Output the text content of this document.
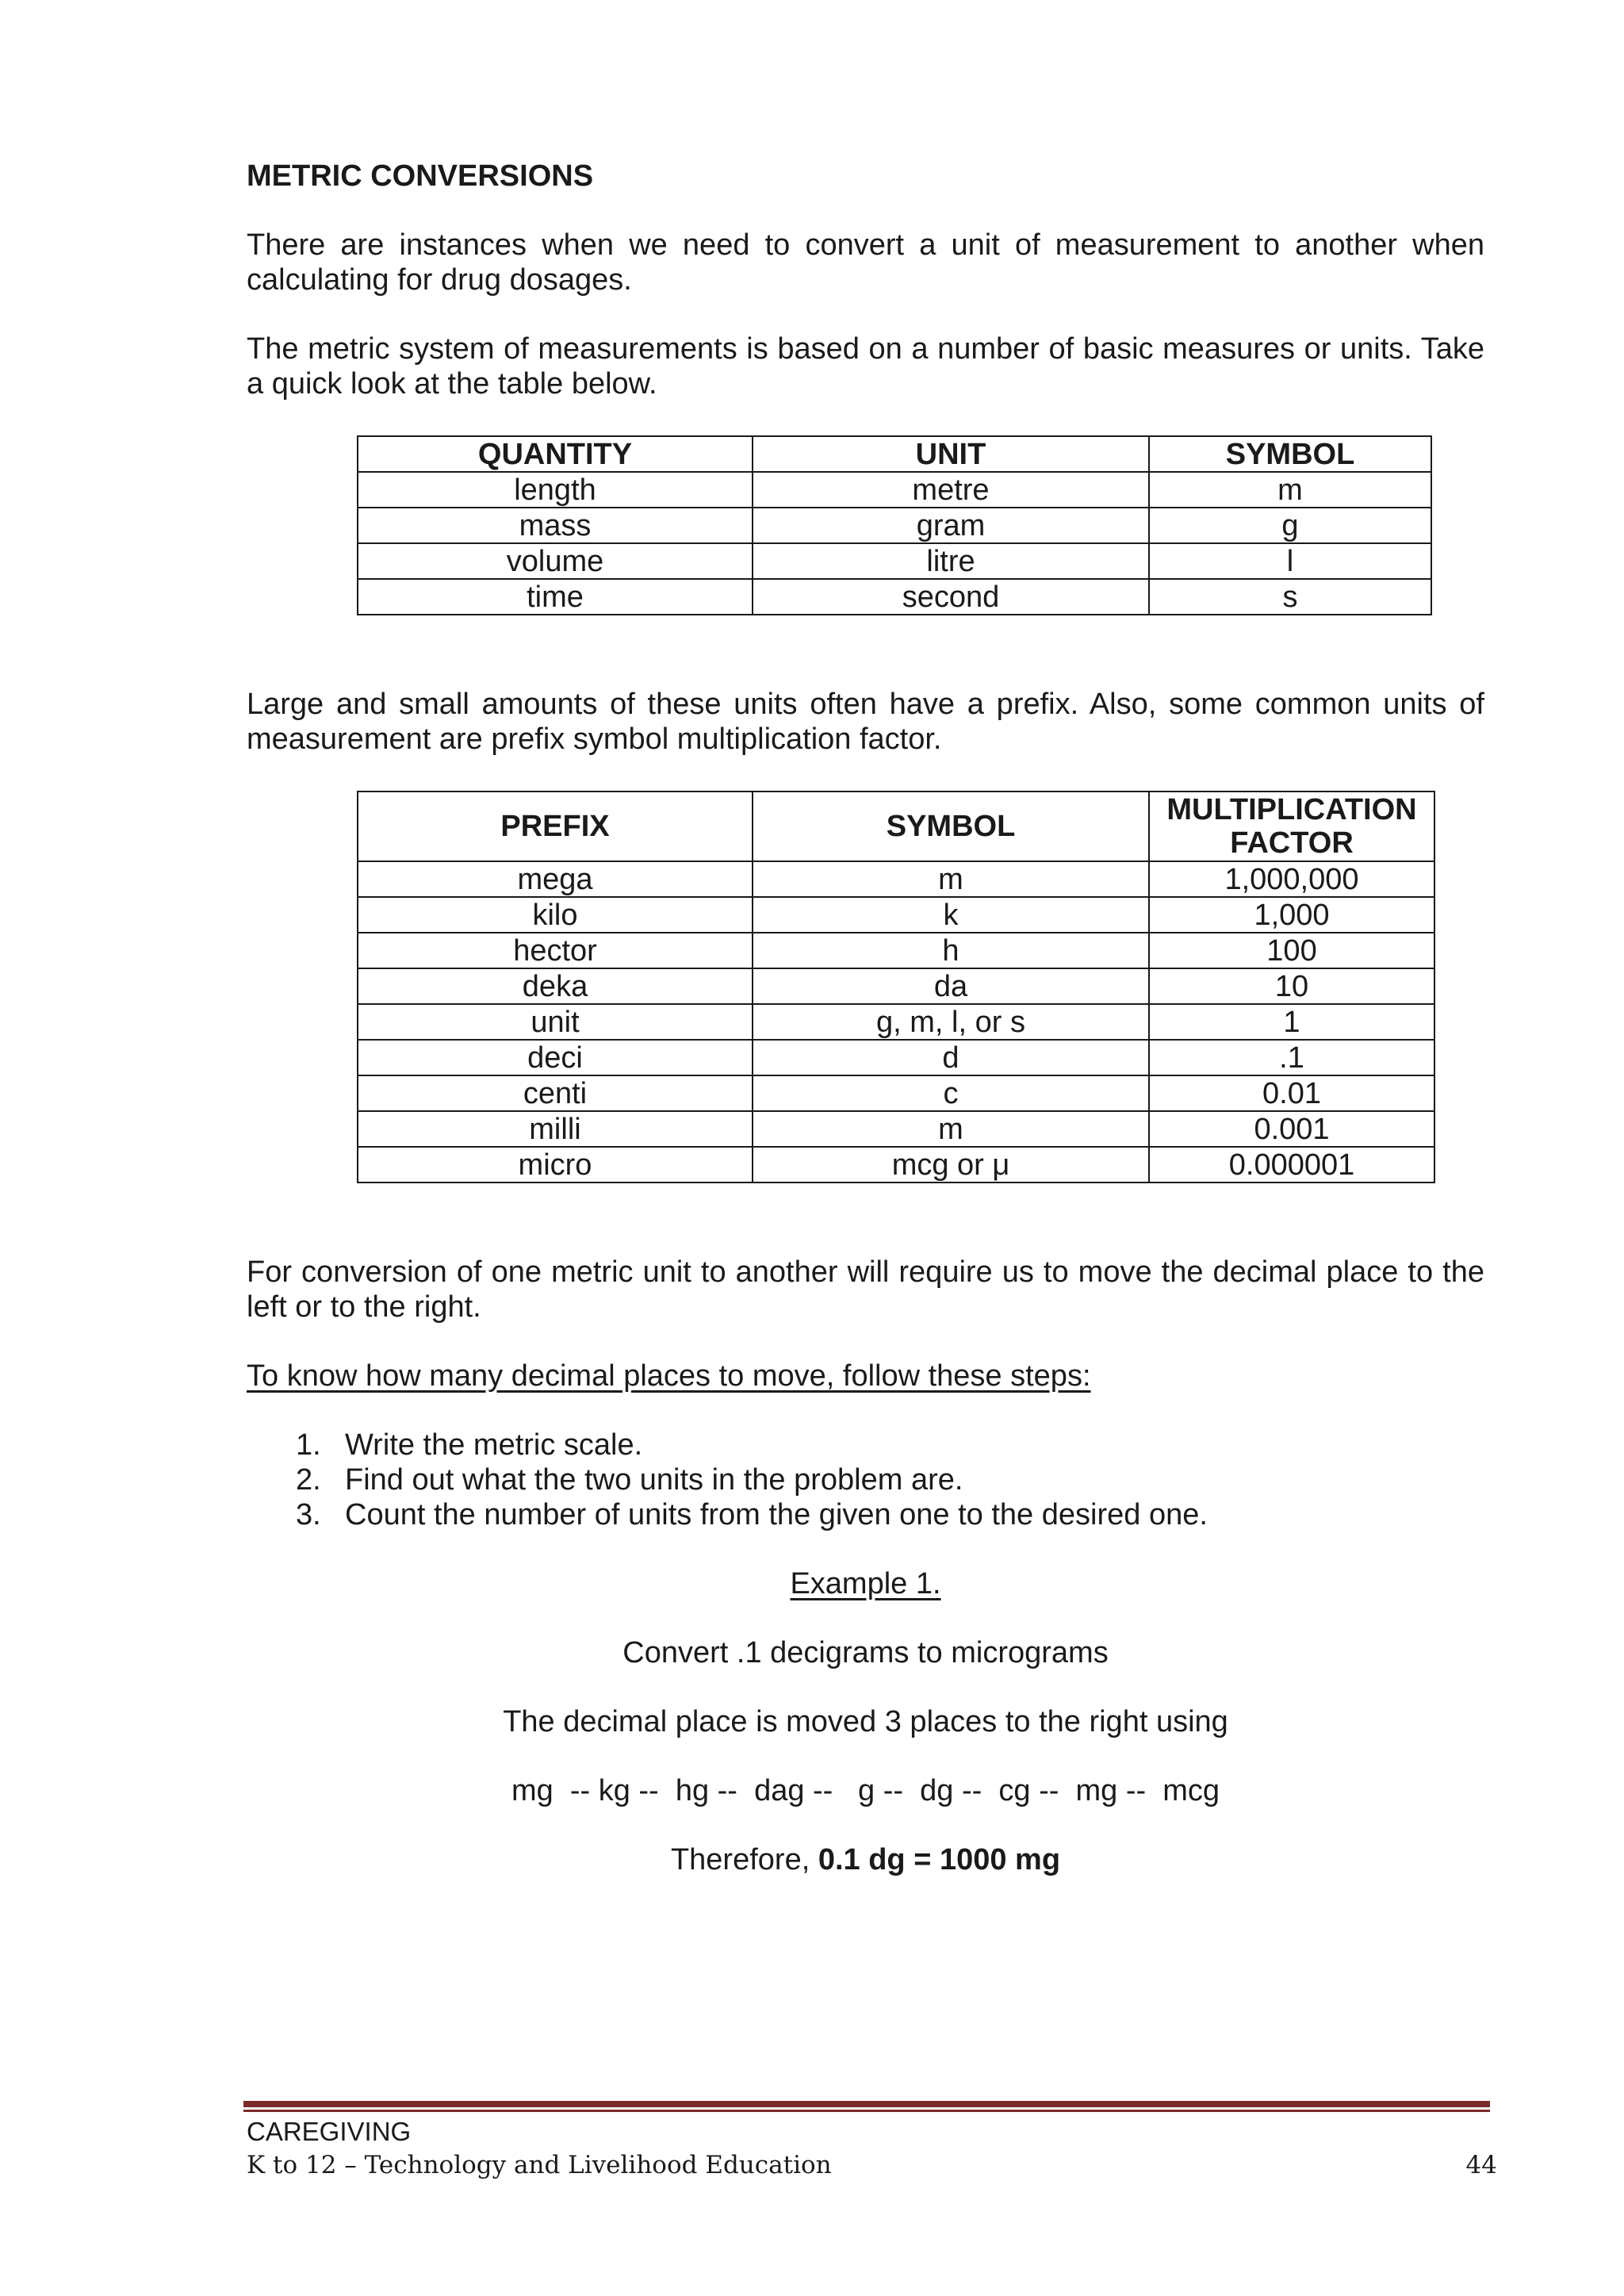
METRIC CONVERSIONS

There are instances when we need to convert a unit of measurement to another when calculating for drug dosages.

The metric system of measurements is based on a number of basic measures or units. Take a quick look at the table below.

QUANTITY	UNIT	SYMBOL
length	metre	m
mass	gram	g
volume	litre	l
time	second	s

Large and small amounts of these units often have a prefix. Also, some common units of measurement are prefix symbol multiplication factor.

PREFIX	SYMBOL	MULTIPLICATION FACTOR
mega	m	1,000,000
kilo	k	1,000
hector	h	100
deka	da	10
unit	g, m, l, or s	1
deci	d	.1
centi	c	0.01
milli	m	0.001
micro	mcg or μ	0.000001

For conversion of one metric unit to another will require us to move the decimal place to the left or to the right.

To know how many decimal places to move, follow these steps:

1. Write the metric scale.
2. Find out what the two units in the problem are.
3. Count the number of units from the given one to the desired one.

Example 1.

Convert .1 decigrams to micrograms

The decimal place is moved 3 places to the right using

mg  -- kg --  hg --  dag --   g --  dg --  cg --  mg --  mcg

Therefore, 0.1 dg = 1000 mg

CAREGIVING
K to 12 – Technology and Livelihood Education	44
